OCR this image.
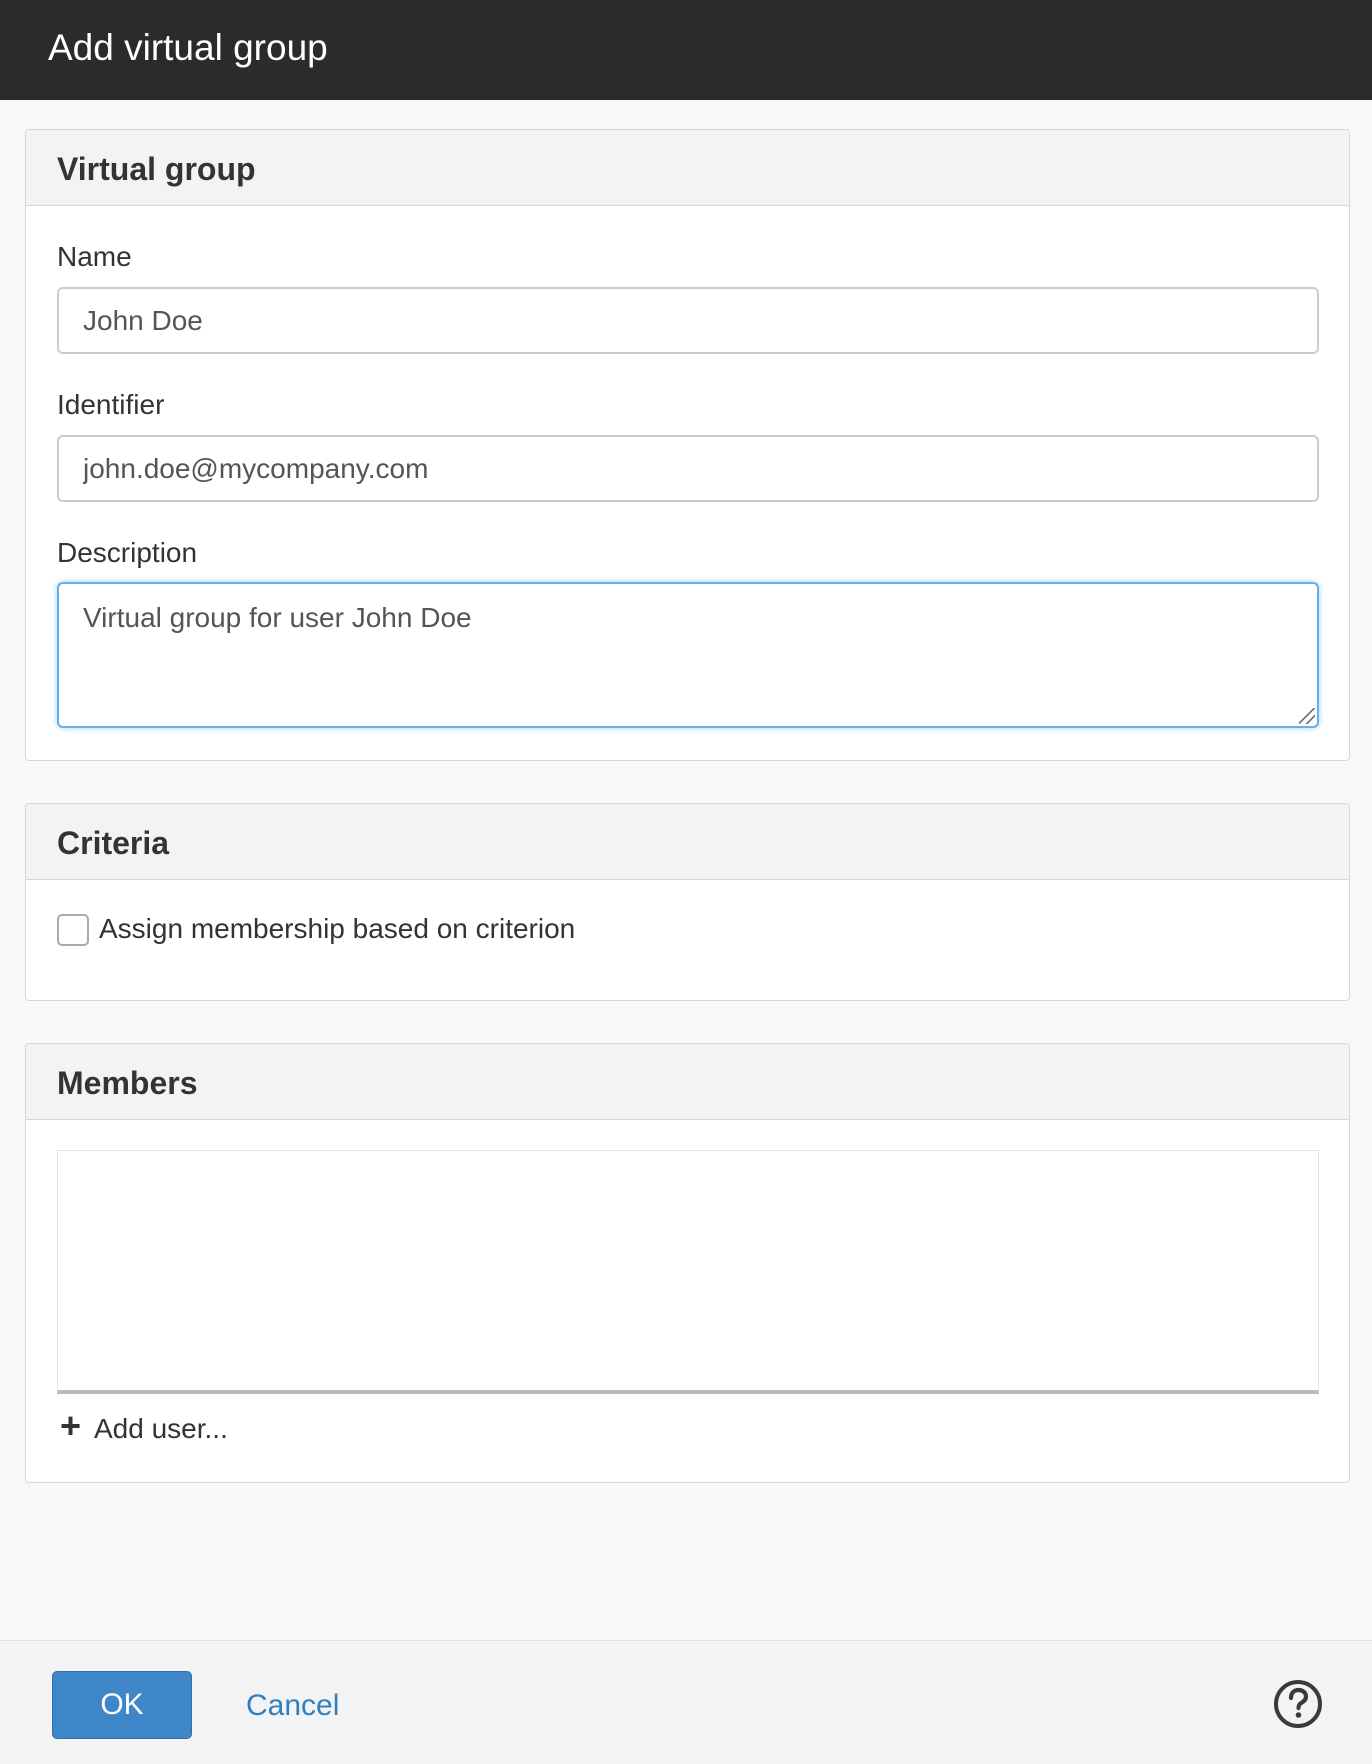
Add virtual group
Virtual group
Name
John Doe
Identifier
john.doe@mycompany.com
Description
Virtual group for user John Doe
Criteria
Assign membership based on criterion
Members
+ Add user...
OK	Cancel
